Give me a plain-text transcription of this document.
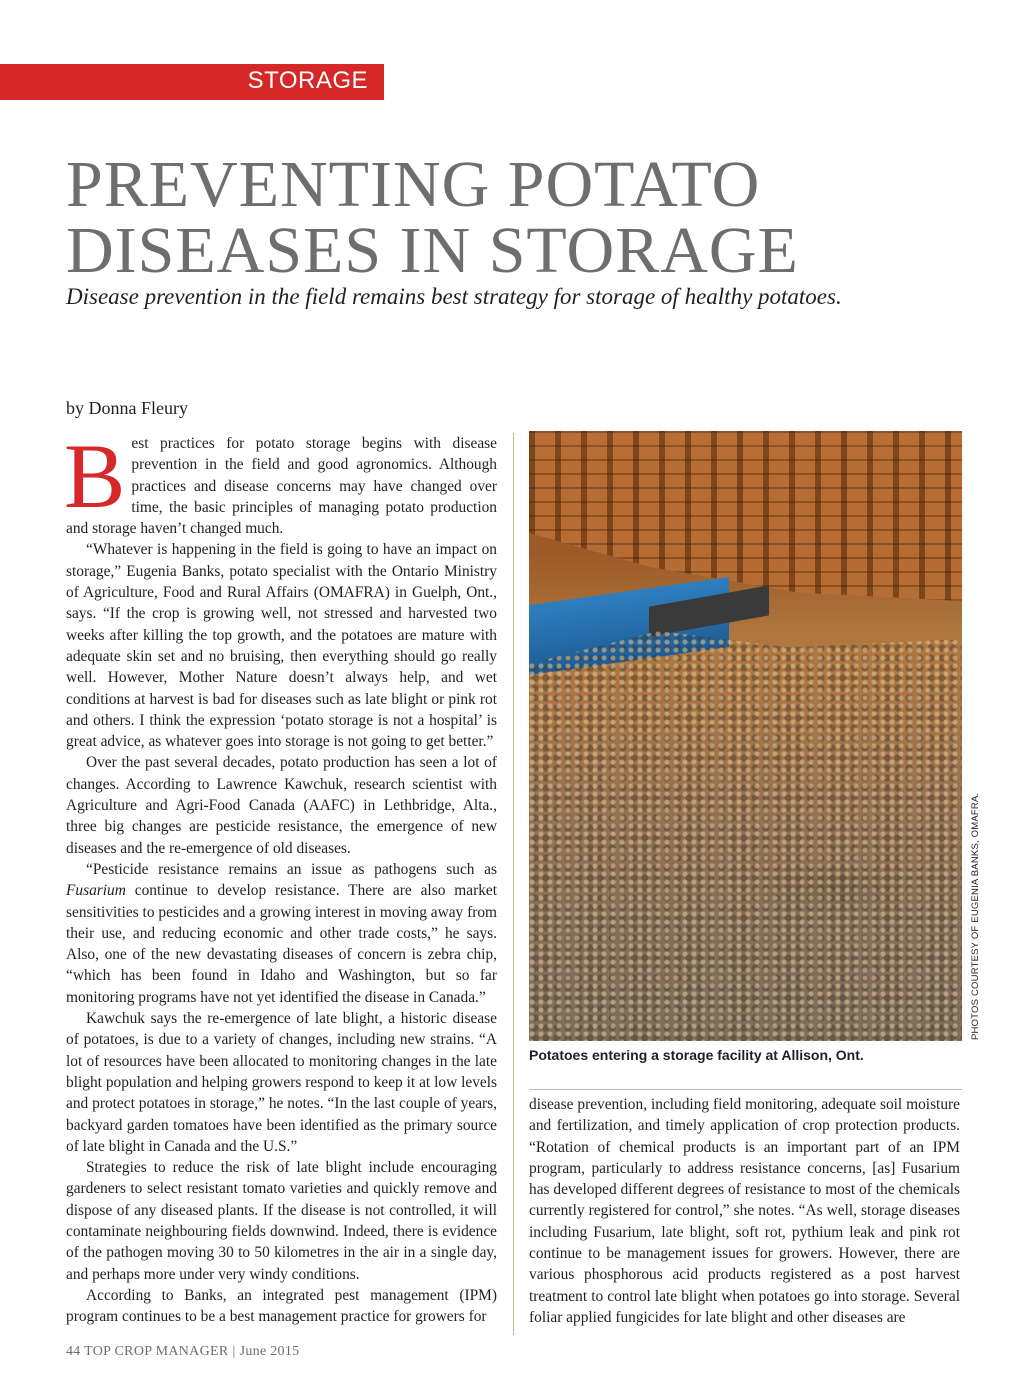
STORAGE
PREVENTING POTATO DISEASES IN STORAGE

Disease prevention in the field remains best strategy for storage of healthy potatoes.

by Donna Fleury

Best practices for potato storage begins with disease prevention in the field and good agronomics. Although practices and disease concerns may have changed over time, the basic principles of managing potato production and storage haven’t changed much.

“Whatever is happening in the field is going to have an impact on storage,” Eugenia Banks, potato specialist with the Ontario Ministry of Agriculture, Food and Rural Affairs (OMAFRA) in Guelph, Ont., says. “If the crop is growing well, not stressed and harvested two weeks after killing the top growth, and the potatoes are mature with adequate skin set and no bruising, then everything should go really well. However, Mother Nature doesn’t always help, and wet conditions at harvest is bad for diseases such as late blight or pink rot and others. I think the expression ‘potato storage is not a hospital’ is great advice, as whatever goes into storage is not going to get better.”

Over the past several decades, potato production has seen a lot of changes. According to Lawrence Kawchuk, research scientist with Agriculture and Agri-Food Canada (AAFC) in Lethbridge, Alta., three big changes are pesticide resistance, the emergence of new diseases and the re-emergence of old diseases.

“Pesticide resistance remains an issue as pathogens such as Fusarium continue to develop resistance. There are also market sensitivities to pesticides and a growing interest in moving away from their use, and reducing economic and other trade costs,” he says. Also, one of the new devastating diseases of concern is zebra chip, “which has been found in Idaho and Washington, but so far monitoring programs have not yet identified the disease in Canada.”

Kawchuk says the re-emergence of late blight, a historic disease of potatoes, is due to a variety of changes, including new strains. “A lot of resources have been allocated to monitoring changes in the late blight population and helping growers respond to keep it at low levels and protect potatoes in storage,” he notes. “In the last couple of years, backyard garden tomatoes have been identified as the primary source of late blight in Canada and the U.S.”

Strategies to reduce the risk of late blight include encouraging gardeners to select resistant tomato varieties and quickly remove and dispose of any diseased plants. If the disease is not controlled, it will contaminate neighbouring fields downwind. Indeed, there is evidence of the pathogen moving 30 to 50 kilometres in the air in a single day, and perhaps more under very windy conditions.

According to Banks, an integrated pest management (IPM) program continues to be a best management practice for growers for

PHOTOS COURTESY OF EUGENIA BANKS, OMAFRA.
Potatoes entering a storage facility at Allison, Ont.

disease prevention, including field monitoring, adequate soil moisture and fertilization, and timely application of crop protection products. “Rotation of chemical products is an important part of an IPM program, particularly to address resistance concerns, [as] Fusarium has developed different degrees of resistance to most of the chemicals currently registered for control,” she notes. “As well, storage diseases including Fusarium, late blight, soft rot, pythium leak and pink rot continue to be management issues for growers. However, there are various phosphorous acid products registered as a post harvest treatment to control late blight when potatoes go into storage. Several foliar applied fungicides for late blight and other diseases are

44 TOP CROP MANAGER | June 2015
